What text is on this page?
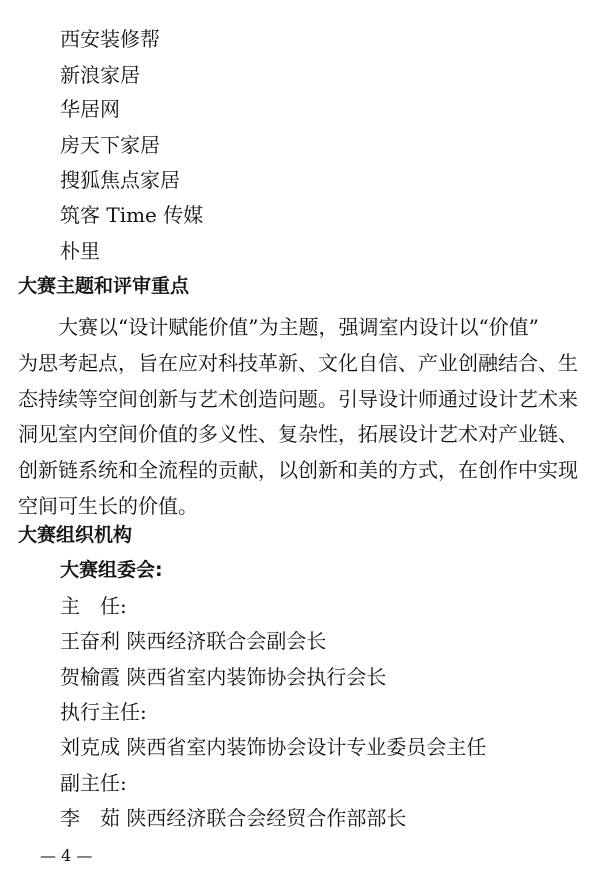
西安装修帮
新浪家居
华居网
房天下家居
搜狐焦点家居
筑客 Time 传媒
朴里
大赛主题和评审重点
大赛以“设计赋能价值”为主题，强调室内设计以“价值”
为思考起点，旨在应对科技革新、文化自信、产业创融结合、生
态持续等空间创新与艺术创造问题。引导设计师通过设计艺术来
洞见室内空间价值的多义性、复杂性，拓展设计艺术对产业链、
创新链系统和全流程的贡献，以创新和美的方式，在创作中实现
空间可生长的价值。
大赛组织机构
大赛组委会:
主　任:
王奋利 陕西经济联合会副会长
贺榆霞 陕西省室内装饰协会执行会长
执行主任:
刘克成 陕西省室内装饰协会设计专业委员会主任
副主任:
李　茹 陕西经济联合会经贸合作部部长
— 4 —
